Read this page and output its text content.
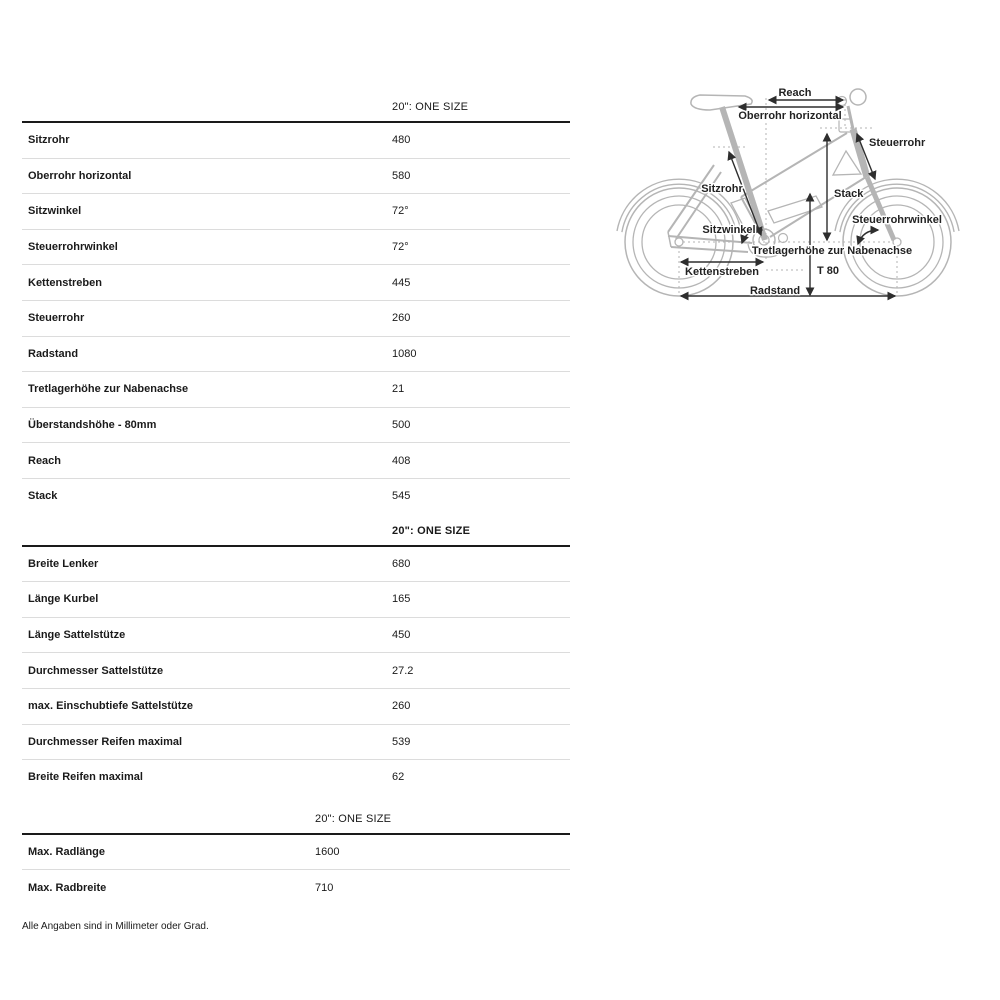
20": ONE SIZE
Sitzrohr	480
Oberrohr horizontal	580
Sitzwinkel	72°
Steuerrohrwinkel	72°
Kettenstreben	445
Steuerrohr	260
Radstand	1080
Tretlagerhöhe zur Nabenachse	21
Überstandshöhe - 80mm	500
Reach	408
Stack	545
20": ONE SIZE
Breite Lenker	680
Länge Kurbel	165
Länge Sattelstütze	450
Durchmesser Sattelstütze	27.2
max. Einschubtiefe Sattelstütze	260
Durchmesser Reifen maximal	539
Breite Reifen maximal	62
20": ONE SIZE
Max. Radlänge	1600
Max. Radbreite	710
Alle Angaben sind in Millimeter oder Grad.
Reach
Oberrohr horizontal
Steuerrohr
Sitzrohr	Stack
Sitzwinkel
Steuerrohrwinkel
Tretlagerhöhe zur Nabenachse
T 80
Kettenstreben
Radstand
